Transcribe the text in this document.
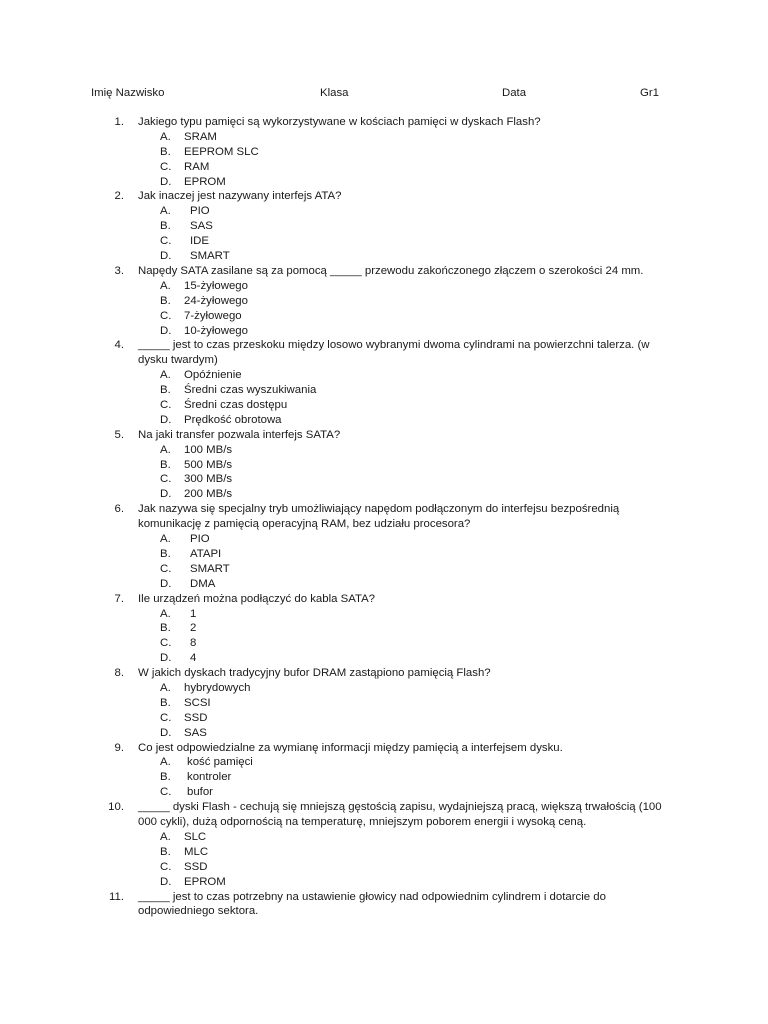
Imię Nazwisko	Klasa	Data	Gr1
1. Jakiego typu pamięci są wykorzystywane w kościach pamięci w dyskach Flash?
A. SRAM
B. EEPROM SLC
C. RAM
D. EPROM
2. Jak inaczej jest nazywany interfejs ATA?
A. PIO
B. SAS
C. IDE
D. SMART
3. Napędy SATA zasilane są za pomocą _____ przewodu zakończonego złączem o szerokości 24 mm.
A. 15-żyłowego
B. 24-żyłowego
C. 7-żyłowego
D. 10-żyłowego
4. _____ jest to czas przeskoku między losowo wybranymi dwoma cylindrami na powierzchni talerza. (w dysku twardym)
A. Opóźnienie
B. Średni czas wyszukiwania
C. Średni czas dostępu
D. Prędkość obrotowa
5. Na jaki transfer pozwala interfejs SATA?
A. 100 MB/s
B. 500 MB/s
C. 300 MB/s
D. 200 MB/s
6. Jak nazywa się specjalny tryb umożliwiający napędom podłączonym do interfejsu bezpośrednią komunikację z pamięcią operacyjną RAM, bez udziału procesora?
A. PIO
B. ATAPI
C. SMART
D. DMA
7. Ile urządzeń można podłączyć do kabla SATA?
A. 1
B. 2
C. 8
D. 4
8. W jakich dyskach tradycyjny bufor DRAM zastąpiono pamięcią Flash?
A. hybrydowych
B. SCSI
C. SSD
D. SAS
9. Co jest odpowiedzialne za wymianę informacji między pamięcią a interfejsem dysku.
A. kość pamięci
B. kontroler
C. bufor
10. _____ dyski Flash - cechują się mniejszą gęstością zapisu, wydajniejszą pracą, większą trwałością (100 000 cykli), dużą odpornością na temperaturę, mniejszym poborem energii i wysoką ceną.
A. SLC
B. MLC
C. SSD
D. EPROM
11. _____ jest to czas potrzebny na ustawienie głowicy nad odpowiednim cylindrem i dotarcie do odpowiedniego sektora.
